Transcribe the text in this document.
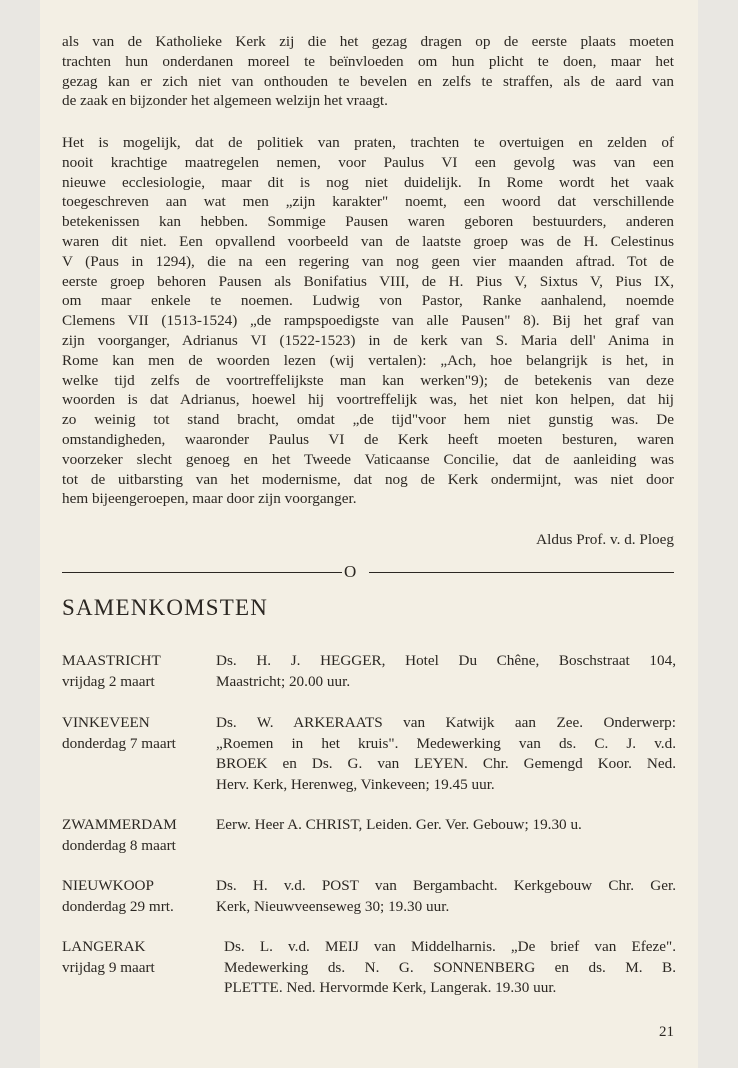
als van de Katholieke Kerk zij die het gezag dragen op de eerste plaats moeten
trachten hun onderdanen moreel te beïnvloeden om hun plicht te doen, maar het
gezag kan er zich niet van onthouden te bevelen en zelfs te straffen, als de aard van
de zaak en bijzonder het algemeen welzijn het vraagt.
Het is mogelijk, dat de politiek van praten, trachten te overtuigen en zelden of
nooit krachtige maatregelen nemen, voor Paulus VI een gevolg was van een
nieuwe ecclesiologie, maar dit is nog niet duidelijk. In Rome wordt het vaak
toegeschreven aan wat men „zijn karakter" noemt, een woord dat verschillende
betekenissen kan hebben. Sommige Pausen waren geboren bestuurders, anderen
waren dit niet. Een opvallend voorbeeld van de laatste groep was de H. Celestinus
V (Paus in 1294), die na een regering van nog geen vier maanden aftrad. Tot de
eerste groep behoren Pausen als Bonifatius VIII, de H. Pius V, Sixtus V, Pius IX,
om maar enkele te noemen. Ludwig von Pastor, Ranke aanhalend, noemde
Clemens VII (1513-1524) „de rampspoedigste van alle Pausen" 8). Bij het graf van
zijn voorganger, Adrianus VI (1522-1523) in de kerk van S. Maria dell' Anima in
Rome kan men de woorden lezen (wij vertalen): „Ach, hoe belangrijk is het, in
welke tijd zelfs de voortreffelijkste man kan werken"9); de betekenis van deze
woorden is dat Adrianus, hoewel hij voortreffelijk was, het niet kon helpen, dat hij
zo weinig tot stand bracht, omdat „de tijd"voor hem niet gunstig was. De
omstandigheden, waaronder Paulus VI de Kerk heeft moeten besturen, waren
voorzeker slecht genoeg en het Tweede Vaticaanse Concilie, dat de aanleiding was
tot de uitbarsting van het modernisme, dat nog de Kerk ondermijnt, was niet door
hem bijeengeroepen, maar door zijn voorganger.
Aldus Prof. v. d. Ploeg
O
SAMENKOMSTEN
MAASTRICHT
vrijdag 2 maart
Ds. H. J. HEGGER, Hotel Du Chêne, Boschstraat 104,
Maastricht; 20.00 uur.
VINKEVEEN
donderdag 7 maart
Ds. W. ARKERAATS van Katwijk aan Zee. Onderwerp:
„Roemen in het kruis". Medewerking van ds. C. J. v.d.
BROEK en Ds. G. van LEYEN. Chr. Gemengd Koor. Ned.
Herv. Kerk, Herenweg, Vinkeveen; 19.45 uur.
ZWAMMERDAM
donderdag 8 maart
Eerw. Heer A. CHRIST, Leiden. Ger. Ver. Gebouw; 19.30 u.
NIEUWKOOP
donderdag 29 mrt.
Ds. H. v.d. POST van Bergambacht. Kerkgebouw Chr. Ger.
Kerk, Nieuwveenseweg 30; 19.30 uur.
LANGERAK
vrijdag 9 maart
Ds. L. v.d. MEIJ van Middelharnis. „De brief van Efeze".
Medewerking ds. N. G. SONNENBERG en ds. M. B.
PLETTE. Ned. Hervormde Kerk, Langerak. 19.30 uur.
21
